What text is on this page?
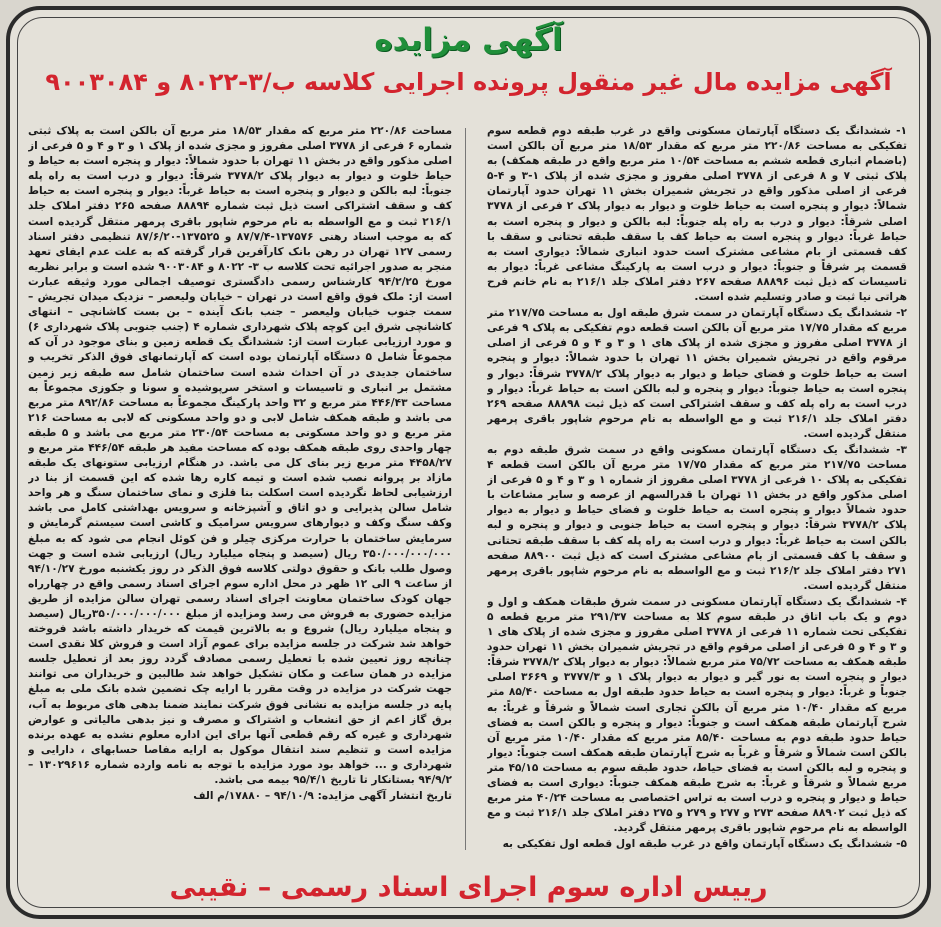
آگهی مزایده
آگهی مزایده مال غیر منقول پرونده اجرایی کلاسه ب/۳-۸۰۲۲ و ۹۰۰۳۰۸۴

۱- ششدانگ یک دستگاه آپارتمان مسکونی واقع در غرب طبقه دوم قطعه سوم تفکیکی به مساحت ۲۲۰/۸۶ متر مربع که مقدار ۱۸/۵۳ متر مربع آن بالکن است (باضمام انباری قطعه ششم به مساحت ۱۰/۵۴ متر مربع واقع در طبقه همکف) به پلاک ثبتی ۷ و ۸ فرعی از ۳۷۷۸ اصلی مفروز و مجزی شده از پلاک ۱-۳ و ۴-۵ فرعی از اصلی مذکور واقع در تجریش شمیران بخش ۱۱ تهران حدود آپارتمان شمالاً: دیوار و پنجره است به حیاط خلوت و دیوار به دیوار پلاک ۲ فرعی از ۳۷۷۸ اصلی شرقاً: دیوار و درب به راه پله جنوباً: لبه بالکن و دیوار و پنجره است به حیاط غرباً: دیوار و پنجره است به حیاط کف با سقف طبقه تحتانی و سقف با کف قسمتی از بام مشاعی مشترک است حدود انباری شمالاً: دیواری است به قسمت پر شرقاً و جنوباً: دیوار و درب است به پارکینگ مشاعی غرباً: دیوار به تاسیسات که ذیل ثبت ۸۸۸۹۶ صفحه ۲۶۷ دفتر املاک جلد ۲۱۶/۱ به نام خانم فرح هراتی نیا ثبت و صادر وتسلیم شده است.

۲- ششدانگ یک دستگاه آپارتمان در سمت شرق طبقه اول به مساحت ۲۱۷/۷۵ متر مربع که مقدار ۱۷/۷۵ متر مربع آن بالکن است قطعه دوم تفکیکی به پلاک ۹ فرعی از ۳۷۷۸ اصلی مفروز و مجزی شده از پلاک های ۱ و ۳ و ۴ و ۵ فرعی از اصلی مرقوم واقع در تجریش شمیران بخش ۱۱ تهران با حدود شمالاً: دیوار و پنجره است به حیاط خلوت و فضای حیاط و دیوار به دیوار پلاک ۳۷۷۸/۲ شرقاً: دیوار و پنجره است به حیاط جنوباً: دیوار و پنجره و لبه بالکن است به حیاط غرباً: دیوار و درب است به راه پله کف و سقف اشتراکی است که ذیل ثبت ۸۸۸۹۸ صفحه ۲۶۹ دفتر املاک جلد ۲۱۶/۱ ثبت و مع الواسطه به نام مرحوم شاپور باقری پرمهر منتقل گردیده است.

۳- ششدانگ یک دستگاه آپارتمان مسکونی واقع در سمت شرق طبقه دوم به مساحت ۲۱۷/۷۵ متر مربع که مقدار ۱۷/۷۵ متر مربع آن بالکن است قطعه ۴ تفکیکی به پلاک ۱۰ فرعی از ۳۷۷۸ اصلی مفروز از شماره ۱ و ۳ و ۴ و ۵ فرعی از اصلی مذکور واقع در بخش ۱۱ تهران با قدرالسهم از عرصه و سایر مشاعات با حدود شمالاً دیوار و پنجره است به حیاط خلوت و فضای حیاط و دیوار به دیوار پلاک ۳۷۷۸/۲ شرقاً: دیوار و پنجره است به حیاط جنوبی و دیوار و پنجره و لبه بالکن است به حیاط غرباً: دیوار و درب است به راه پله کف با سقف طبقه تحتانی و سقف با کف قسمتی از بام مشاعی مشترک است که ذیل ثبت ۸۸۹۰۰ صفحه ۲۷۱ دفتر املاک جلد ۲۱۶/۲ ثبت و مع الواسطه به نام مرحوم شاپور باقری پرمهر منتقل گردیده است.

۴- ششدانگ یک دستگاه آپارتمان مسکونی در سمت شرق طبقات همکف و اول و دوم و یک باب اتاق در طبقه سوم کلا به مساحت ۲۹۱/۳۷ متر مربع قطعه ۵ تفکیکی تحت شماره ۱۱ فرعی از ۳۷۷۸ اصلی مفروز و مجزی شده از پلاک های ۱ و ۳ و ۴ و ۵ فرعی از اصلی مرقوم واقع در تجریش شمیران بخش ۱۱ تهران حدود طبقه همکف به مساحت ۷۵/۷۲ متر مربع شمالاً: دیوار به دیوار پلاک ۳۷۷۸/۲ شرقاً: دیوار و پنجره است به نور گیر و دیوار به دیوار پلاک ۱ و ۳۷۷۷/۳ و ۳۶۶۹ اصلی جنوباً و غرباً: دیوار و پنجره است به حیاط حدود طبقه اول به مساحت ۸۵/۴۰ متر مربع که مقدار ۱۰/۴۰ متر مربع آن بالکن تجاری است شمالاً و شرقاً و غرباً: به شرح آپارتمان طبقه همکف است و جنوباً: دیوار و پنجره و بالکن است به فضای حیاط حدود طبقه دوم به مساحت ۸۵/۴۰ متر مربع که مقدار ۱۰/۴۰ متر مربع آن بالکن است شمالاً و شرقاً و غرباً به شرح آپارتمان طبقه همکف است جنوباً: دیوار و پنجره و لبه بالکن است به فضای حیاط، حدود طبقه سوم به مساحت ۴۵/۱۵ متر مربع شمالاً و شرقاً و غرباً: به شرح طبقه همکف جنوباً: دیواری است به فضای حیاط و دیوار و پنجره و درب است به تراس اختصاصی به مساحت ۴۰/۲۴ متر مربع که ذیل ثبت ۸۸۹۰۲ صفحه ۲۷۳ و ۲۷۷ و ۲۷۹ و ۲۷۵ دفتر املاک جلد ۲۱۶/۱ ثبت و مع الواسطه به نام مرحوم شاپور باقری پرمهر منتقل گردید.

۵- ششدانگ یک دستگاه آپارتمان واقع در غرب طبقه اول قطعه اول تفکیکی به

مساحت ۲۲۰/۸۶ متر مربع که مقدار ۱۸/۵۳ متر مربع آن بالکن است به پلاک ثبتی شماره ۶ فرعی از ۳۷۷۸ اصلی مفروز و مجزی شده از پلاک ۱ و ۳ و ۴ و ۵ فرعی از اصلی مذکور واقع در بخش ۱۱ تهران با حدود شمالاً: دیوار و پنجره است به حیاط و حیاط خلوت و دیوار به دیوار پلاک ۳۷۷۸/۲ شرقاً: دیوار و درب است به راه پله جنوباً: لبه بالکن و دیوار و پنجره است به حیاط غرباً: دیوار و پنجره است به حیاط کف و سقف اشتراکی است ذیل ثبت شماره ۸۸۸۹۴ صفحه ۲۶۵ دفتر املاک جلد ۲۱۶/۱ ثبت و مع الواسطه به نام مرحوم شاپور باقری پرمهر منتقل گردیده است که به موجب اسناد رهنی ۱۳۷۵۷۶-۸۷/۷/۴ و ۱۳۷۵۲۵-۸۷/۶/۲۰ تنظیمی دفتر اسناد رسمی ۱۲۷ تهران در رهن بانک کارآفرین قرار گرفته که به علت عدم ایفای تعهد منجر به صدور اجرائیه تحت کلاسه ب ۳- ۸۰۲۲ و ۹۰۰۳۰۸۴ شده است و برابر نظریه مورخ ۹۴/۲/۲۵ کارشناس رسمی دادگستری توصیف اجمالی مورد وثیقه عبارت است از: ملک فوق واقع است در تهران – خیابان ولیعصر – نزدیک میدان تجریش – سمت جنوب خیابان ولیعصر – جنب بانک آینده – بن بست کاشانچی – انتهای کاشانچی شرق این کوچه پلاک شهرداری شماره ۴ (جنب جنوبی پلاک شهرداری ۶) و مورد ارزیابی عبارت است از: ششدانگ یک قطعه زمین و بنای موجود در آن که مجموعاً شامل ۵ دستگاه آپارتمان بوده است که آپارتمانهای فوق الذکر تخریب و ساختمان جدیدی در آن احداث شده است ساختمان شامل سه طبقه زیر زمین مشتمل بر انباری و تاسیسات و استخر سرپوشیده و سونا و جکوزی مجموعاً به مساحت ۴۴۶/۴۳ متر مربع و ۳۲ واحد پارکینگ مجموعاً به مساحت ۸۹۲/۸۶ متر مربع می باشد و طبقه همکف شامل لابی و دو واحد مسکونی که لابی به مساحت ۲۱۶ متر مربع و دو واحد مسکونی به مساحت ۲۳۰/۵۴ متر مربع می باشد و ۵ طبقه چهار واحدی روی طبقه همکف بوده که مساحت مفید هر طبقه ۴۴۶/۵۴ متر مربع و ۴۴۵۸/۲۷ متر مربع زیر بنای کل می باشد. در هنگام ارزیابی ستونهای یک طبقه مازاد بر پروانه نصب شده است و تیمه کاره رها شده که این قسمت از بنا در ارزشیابی لحاظ نگردیده است اسکلت بنا فلزی و نمای ساختمان سنگ و هر واحد شامل سالن پذیرایی و دو اتاق و آشپزخانه و سرویس بهداشتی کامل می باشد وکف سنگ وکف و دیوارهای سرویس سرامیک و کاشی است سیستم گرمایش و سرمایش ساختمان با حرارت مرکزی چیلر و فن کوئل انجام می شود که به مبلغ ۳۵۰/۰۰۰/۰۰۰/۰۰۰ ریال (سیصد و پنجاه میلیارد ریال) ارزیابی شده است و جهت وصول طلب بانک و حقوق دولتی کلاسه فوق الذکر در روز یکشنبه مورخ ۹۴/۱۰/۲۷ از ساعت ۹ الی ۱۲ ظهر در محل اداره سوم اجرای اسناد رسمی واقع در چهارراه جهان کودک ساختمان معاونت اجرای اسناد رسمی تهران سالن مزایده از طریق مزایده حضوری به فروش می رسد ومزایده از مبلغ ۳۵۰/۰۰۰/۰۰۰/۰۰۰ریال (سیصد و پنجاه میلیارد ریال) شروع و به بالاترین قیمت که خریدار داشته باشد فروخته خواهد شد شرکت در جلسه مزایده برای عموم آزاد است و فروش کلا نقدی است چنانچه روز تعیین شده با تعطیل رسمی مصادف گردد روز بعد از تعطیل جلسه مزایده در همان ساعت و مکان تشکیل خواهد شد طالبین و خریداران می توانند جهت شرکت در مزایده در وقت مقرر با ارایه چک تضمین شده بانک ملی به مبلغ پایه در جلسه مزایده به نشانی فوق شرکت نمایند ضمنا بدهی های مربوط به آب، برق گاز اعم از حق انشعاب و اشتراک و مصرف و نیز بدهی مالیاتی و عوارض شهرداری و غیره که رقم قطعی آنها برای این اداره معلوم نشده به عهده برنده مزایده است و تنظیم سند انتقال موکول به ارایه مفاصا حسابهای ، دارایی و شهرداری و ... خواهد بود مورد مزایده با توجه به نامه وارده شماره ۱۳۰۲۹۶۱۶ – ۹۴/۹/۲ بستانکار تا تاریخ ۹۵/۴/۱ بیمه می باشد.

تاریخ انتشار آگهی مزایده: ۹۴/۱۰/۹ – ۱۷۸۸۰/م الف

رییس اداره سوم اجرای اسناد رسمی – نقیبی
